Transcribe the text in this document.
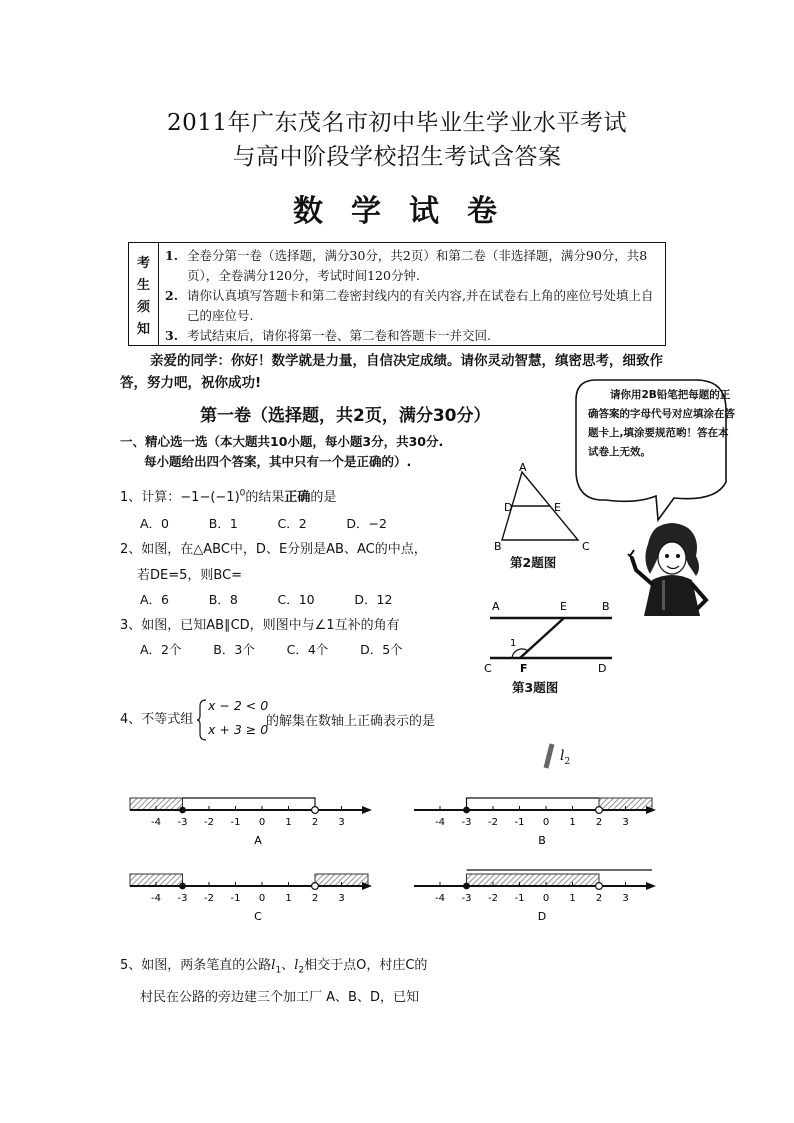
2011年广东茂名市初中毕业生学业水平考试
与高中阶段学校招生考试含答案
数学试卷
考
生
须
知
1. 全卷分第一卷（选择题，满分30分，共2页）和第二卷（非选择题，满分90分，共8页），全卷满分120分，考试时间120分钟.
2. 请你认真填写答题卡和第二卷密封线内的有关内容,并在试卷右上角的座位号处填上自己的座位号.
3. 考试结束后，请你将第一卷、第二卷和答题卡一并交回.
亲爱的同学：你好！数学就是力量，自信决定成绩。请你灵动智慧，缜密思考，细致作答，努力吧，祝你成功!
请你用2B铅笔把每题的正确答案的字母代号对应填涂在答题卡上,填涂要规范哟！答在本试卷上无效。
第一卷（选择题，共2页，满分30分）
一、精心选一选（本大题共10小题，每小题3分，共30分.
每小题给出四个答案，其中只有一个是正确的）.
1、计算：$-1-(-1)^0$的结果正确的是
A．0          B．1          C．2          D．−2
2、如图，在△ABC中，D、E分别是AB、AC的中点，
若DE=5，则BC=
A．6          B．8          C．10          D．12
3、如图，已知AB∥CD，则图中与∠1互补的角有
A．2个        B．3个        C．4个        D．5个
A
D	E
B	C
第2题图
A	E	B
1
C	F	D
第3题图
4、不等式组
x − 2 < 0
x + 3 ≥ 0
的解集在数轴上正确表示的是
$l_2$
-4 -3 -2 -1 0 1 2 3
A
-4 -3 -2 -1 0 1 2 3
B
-4 -3 -2 -1 0 1 2 3
C
-4 -3 -2 -1 0 1 2 3
D
5、如图，两条笔直的公路$l_1$、$l_2$相交于点O，村庄C的
村民在公路的旁边建三个加工厂 A、B、D，已知
